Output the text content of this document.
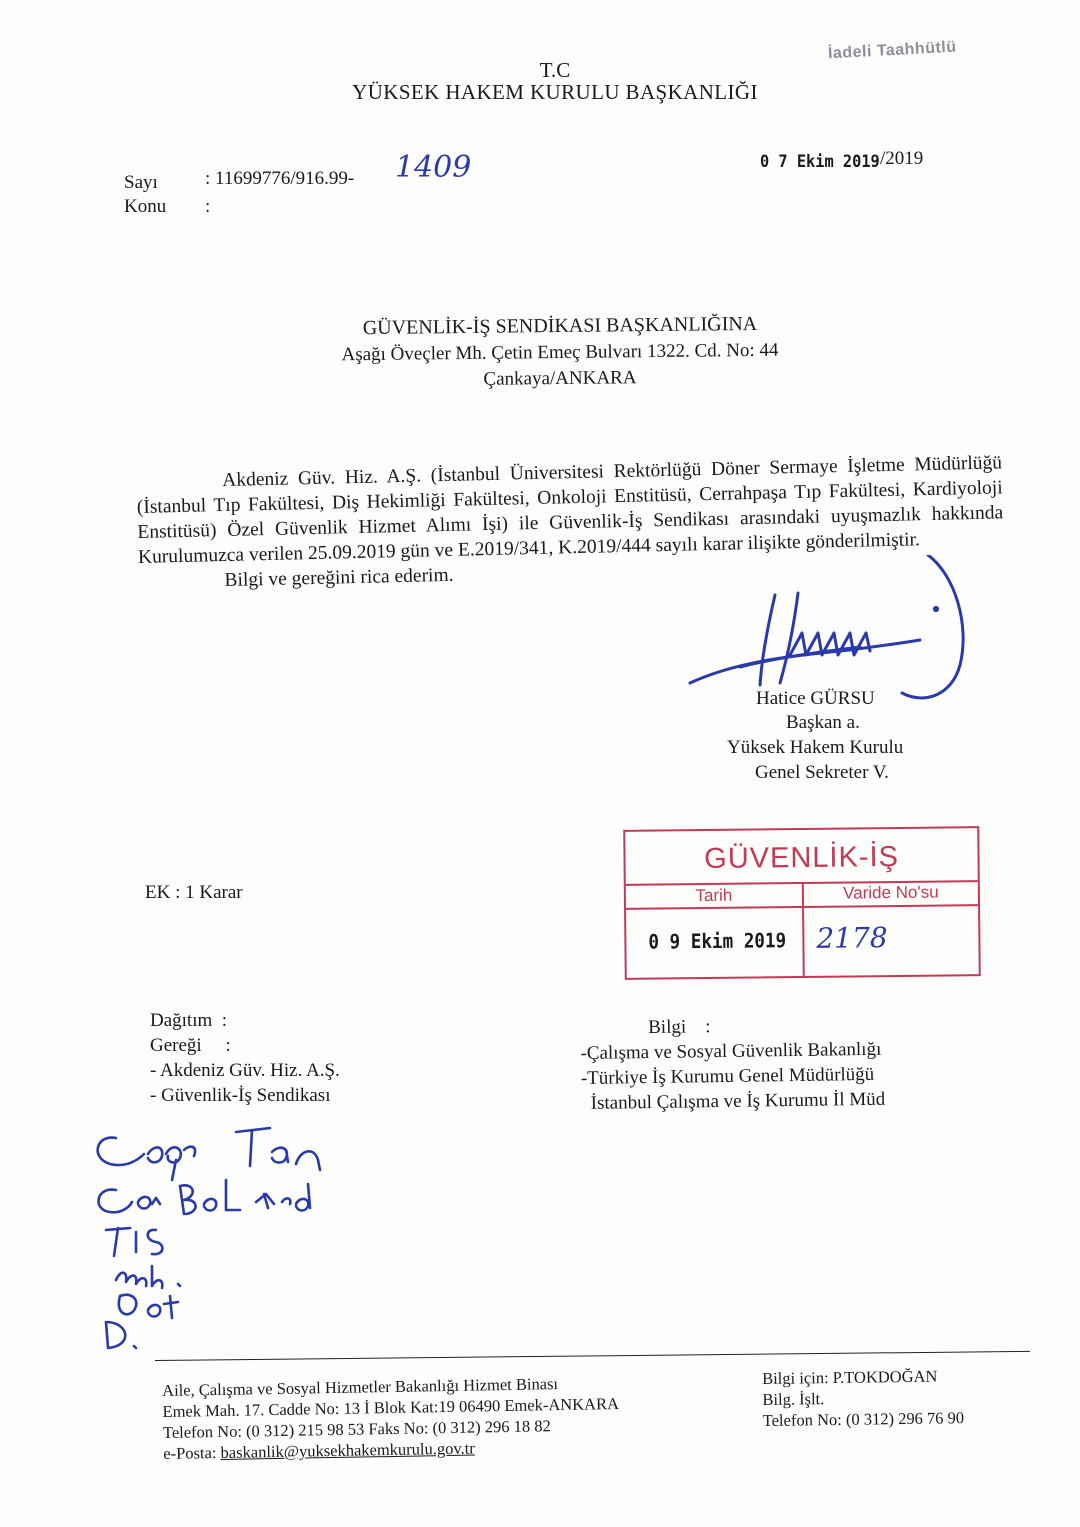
İadeli Taahhütlü
T.C
YÜKSEK HAKEM KURULU BAŞKANLIĞI
Sayı : 11699776/916.99- 1409
Konu :
0 7 Ekim 2019 /2019
GÜVENLİK-İŞ SENDİKASI BAŞKANLIĞINA
Aşağı Öveçler Mh. Çetin Emeç Bulvarı 1322. Cd. No: 44
Çankaya/ANKARA

Akdeniz Güv. Hiz. A.Ş. (İstanbul Üniversitesi Rektörlüğü Döner Sermaye İşletme Müdürlüğü (İstanbul Tıp Fakültesi, Diş Hekimliği Fakültesi, Onkoloji Enstitüsü, Cerrahpaşa Tıp Fakültesi, Kardiyoloji Enstitüsü) Özel Güvenlik Hizmet Alımı İşi) ile Güvenlik-İş Sendikası arasındaki uyuşmazlık hakkında Kurulumuzca verilen 25.09.2019 gün ve E.2019/341, K.2019/444 sayılı karar ilişikte gönderilmiştir.

Bilgi ve gereğini rica ederim.

Hatice GÜRSU
Başkan a.
Yüksek Hakem Kurulu
Genel Sekreter V.
EK : 1 Karar
GÜVENLİK-İŞ
Tarih	Varide No'su
0 9 Ekim 2019 2178
Dağıtım  :
Gereği     :
- Akdeniz Güv. Hiz. A.Ş.
- Güvenlik-İş Sendikası
Bilgi    :
-Çalışma ve Sosyal Güvenlik Bakanlığı
-Türkiye İş Kurumu Genel Müdürlüğü
İstanbul Çalışma ve İş Kurumu İl Müd
Aile, Çalışma ve Sosyal Hizmetler Bakanlığı Hizmet Binası
Emek Mah. 17. Cadde No: 13 İ Blok Kat:19 06490 Emek-ANKARA
Telefon No: (0 312) 215 98 53 Faks No: (0 312) 296 18 82
e-Posta: baskanlik@yuksekhakemkurulu.gov.tr
Bilgi için: P.TOKDOĞAN
Bilg. İşlt.
Telefon No: (0 312) 296 76 90
